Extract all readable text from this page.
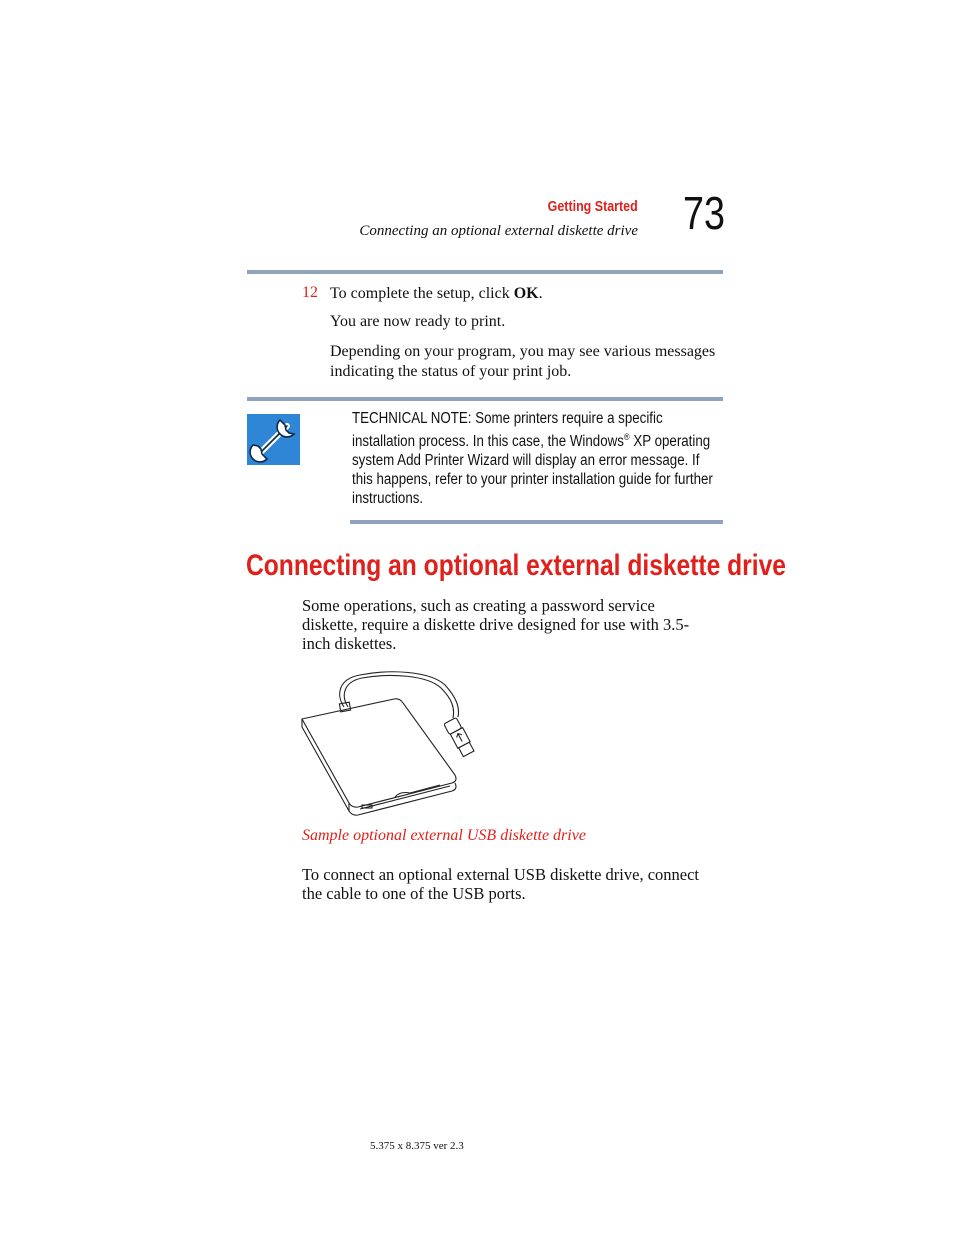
Getting Started
Connecting an optional external diskette drive 73
12 To complete the setup, click OK.
You are now ready to print.
Depending on your program, you may see various messages indicating the status of your print job.
TECHNICAL NOTE: Some printers require a specific installation process. In this case, the Windows® XP operating system Add Printer Wizard will display an error message. If this happens, refer to your printer installation guide for further instructions.
Connecting an optional external diskette drive
Some operations, such as creating a password service diskette, require a diskette drive designed for use with 3.5-inch diskettes.
Sample optional external USB diskette drive
To connect an optional external USB diskette drive, connect the cable to one of the USB ports.
5.375 x 8.375 ver 2.3
